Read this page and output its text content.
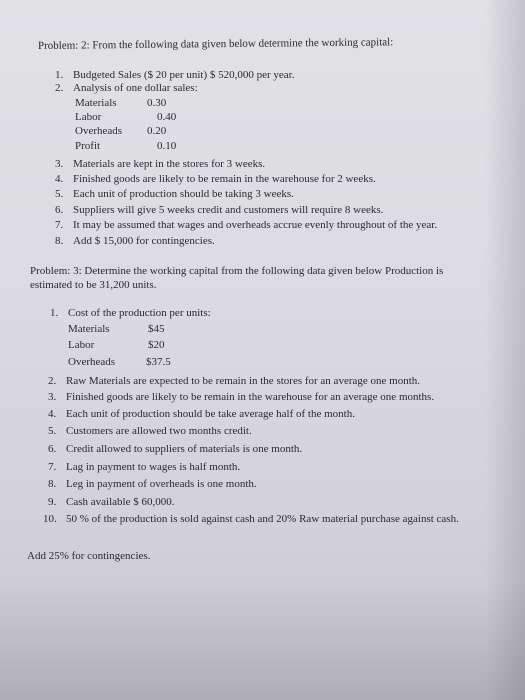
Problem: 2: From the following data given below determine the working capital:
1. Budgeted Sales ($ 20 per unit) $ 520,000 per year.
2. Analysis of one dollar sales:
Materials	0.30
Labor	0.40
Overheads 0.20
Profit	0.10
3. Materials are kept in the stores for 3 weeks.
4. Finished goods are likely to be remain in the warehouse for 2 weeks.
5. Each unit of production should be taking 3 weeks.
6. Suppliers will give 5 weeks credit and customers will require 8 weeks.
7. It may be assumed that wages and overheads accrue evenly throughout of the year.
8. Add $ 15,000 for contingencies.
Problem: 3: Determine the working capital from the following data given below Production is
estimated to be 31,200 units.
1. Cost of the production per units:
Materials	$45
Labor	$20
Overheads	$37.5
2. Raw Materials are expected to be remain in the stores for an average one month.
3. Finished goods are likely to be remain in the warehouse for an average one months.
4. Each unit of production should be take average half of the month.
5. Customers are allowed two months credit.
6. Credit allowed to suppliers of materials is one month.
7. Lag in payment to wages is half month.
8. Leg in payment of overheads is one month.
9. Cash available $ 60,000.
10. 50 % of the production is sold against cash and 20% Raw material purchase against cash.
Add 25% for contingencies.
